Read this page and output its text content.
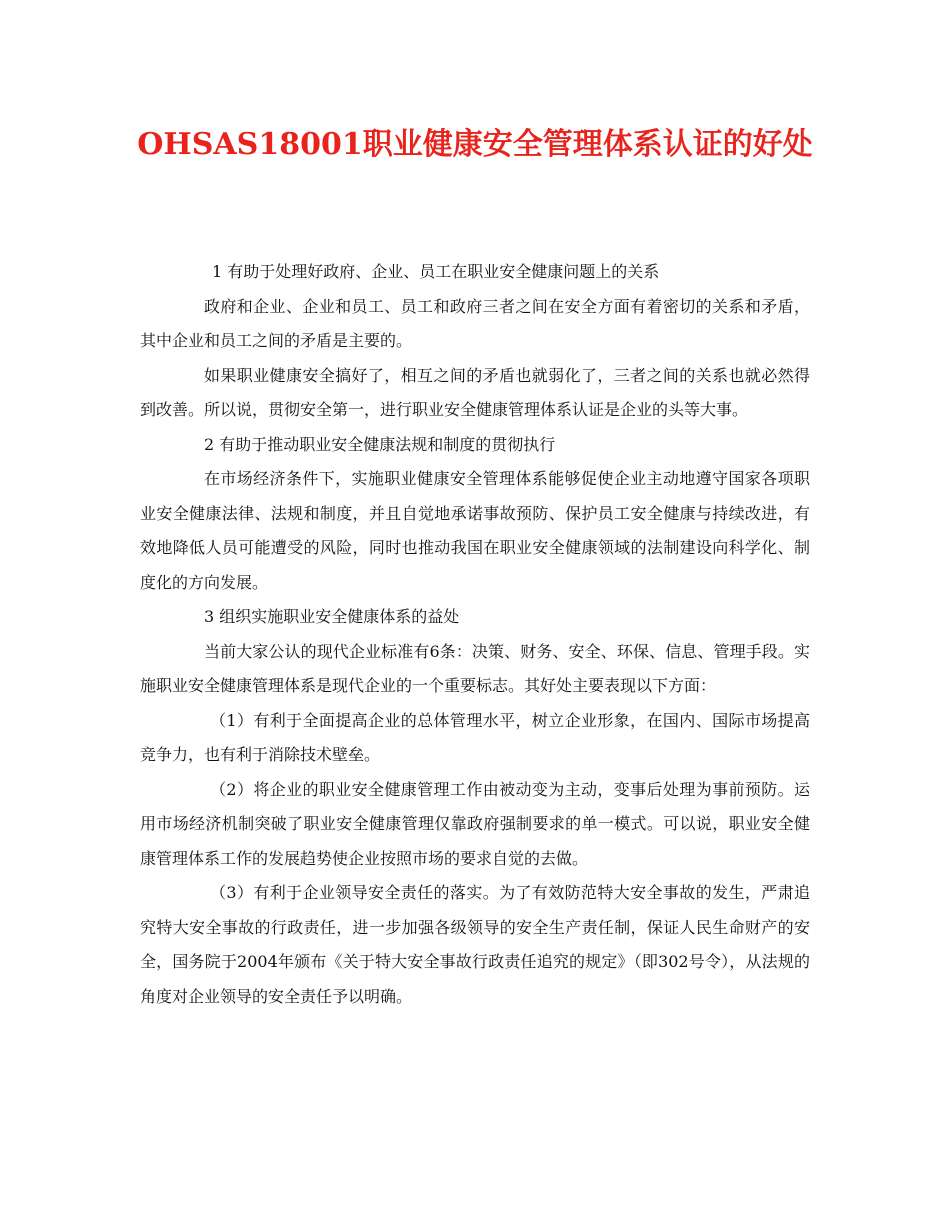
OHSAS18001职业健康安全管理体系认证的好处

1 有助于处理好政府、企业、员工在职业安全健康问题上的关系

政府和企业、企业和员工、员工和政府三者之间在安全方面有着密切的关系和矛盾，其中企业和员工之间的矛盾是主要的。

如果职业健康安全搞好了，相互之间的矛盾也就弱化了，三者之间的关系也就必然得到改善。所以说，贯彻安全第一，进行职业安全健康管理体系认证是企业的头等大事。

2 有助于推动职业安全健康法规和制度的贯彻执行

在市场经济条件下，实施职业健康安全管理体系能够促使企业主动地遵守国家各项职业安全健康法律、法规和制度，并且自觉地承诺事故预防、保护员工安全健康与持续改进，有效地降低人员可能遭受的风险，同时也推动我国在职业安全健康领域的法制建设向科学化、制度化的方向发展。

3 组织实施职业安全健康体系的益处

当前大家公认的现代企业标准有6条：决策、财务、安全、环保、信息、管理手段。实施职业安全健康管理体系是现代企业的一个重要标志。其好处主要表现以下方面：

（1）有利于全面提高企业的总体管理水平，树立企业形象，在国内、国际市场提高竞争力，也有利于消除技术壁垒。

（2）将企业的职业安全健康管理工作由被动变为主动，变事后处理为事前预防。运用市场经济机制突破了职业安全健康管理仅靠政府强制要求的单一模式。可以说，职业安全健康管理体系工作的发展趋势使企业按照市场的要求自觉的去做。

（3）有利于企业领导安全责任的落实。为了有效防范特大安全事故的发生，严肃追究特大安全事故的行政责任，进一步加强各级领导的安全生产责任制，保证人民生命财产的安全，国务院于2004年颁布《关于特大安全事故行政责任追究的规定》（即302号令），从法规的角度对企业领导的安全责任予以明确。
